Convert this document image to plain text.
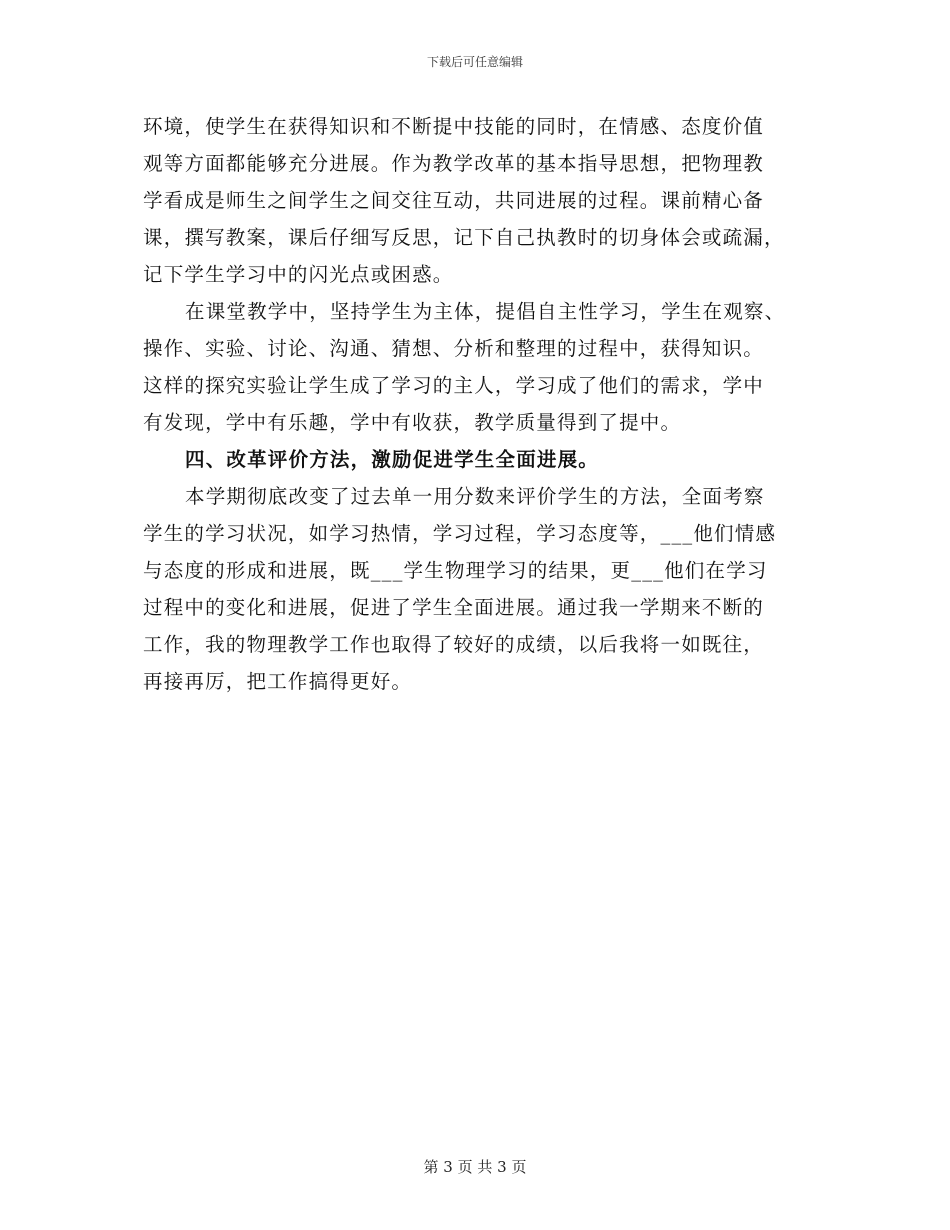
下载后可任意编辑
环境，使学生在获得知识和不断提中技能的同时，在情感、态度价值
观等方面都能够充分进展。作为教学改革的基本指导思想，把物理教
学看成是师生之间学生之间交往互动，共同进展的过程。课前精心备
课，撰写教案，课后仔细写反思，记下自己执教时的切身体会或疏漏，
记下学生学习中的闪光点或困惑。
在课堂教学中，坚持学生为主体，提倡自主性学习，学生在观察、
操作、实验、讨论、沟通、猜想、分析和整理的过程中，获得知识。
这样的探究实验让学生成了学习的主人，学习成了他们的需求，学中
有发现，学中有乐趣，学中有收获，教学质量得到了提中。
四、改革评价方法，激励促进学生全面进展。
本学期彻底改变了过去单一用分数来评价学生的方法，全面考察
学生的学习状况，如学习热情，学习过程，学习态度等，___他们情感
与态度的形成和进展，既___学生物理学习的结果，更___他们在学习
过程中的变化和进展，促进了学生全面进展。通过我一学期来不断的
工作，我的物理教学工作也取得了较好的成绩，以后我将一如既往，
再接再厉，把工作搞得更好。
第 3 页 共 3 页
